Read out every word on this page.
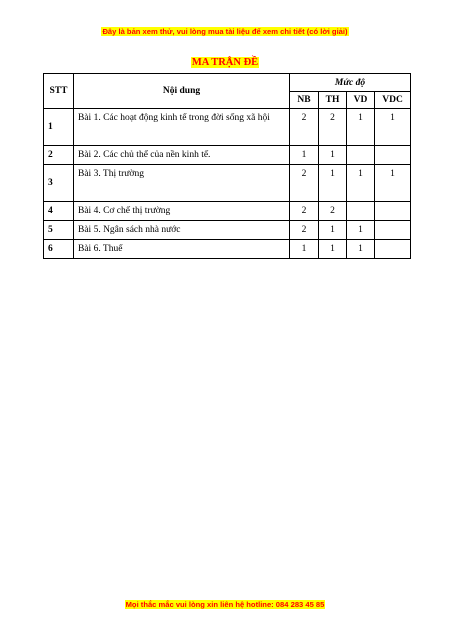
Đây là bản xem thử, vui lòng mua tài liệu để xem chi tiết (có lời giải)
MA TRẬN ĐỀ
STT	Nội dung	Mức độ			
		NB	TH	VD	VDC
1	Bài 1. Các hoạt động kinh tế trong đời sống xã hội	2	2	1	1
2	Bài 2. Các chủ thể của nền kinh tế.	1	1		
3	Bài 3. Thị trường	2	1	1	1
4	Bài 4. Cơ chế thị trường	2	2		
5	Bài 5. Ngân sách nhà nước	2	1	1	
6	Bài 6. Thuế	1	1	1	
Mọi thắc mắc vui lòng xin liên hệ hotline: 084 283 45 85
